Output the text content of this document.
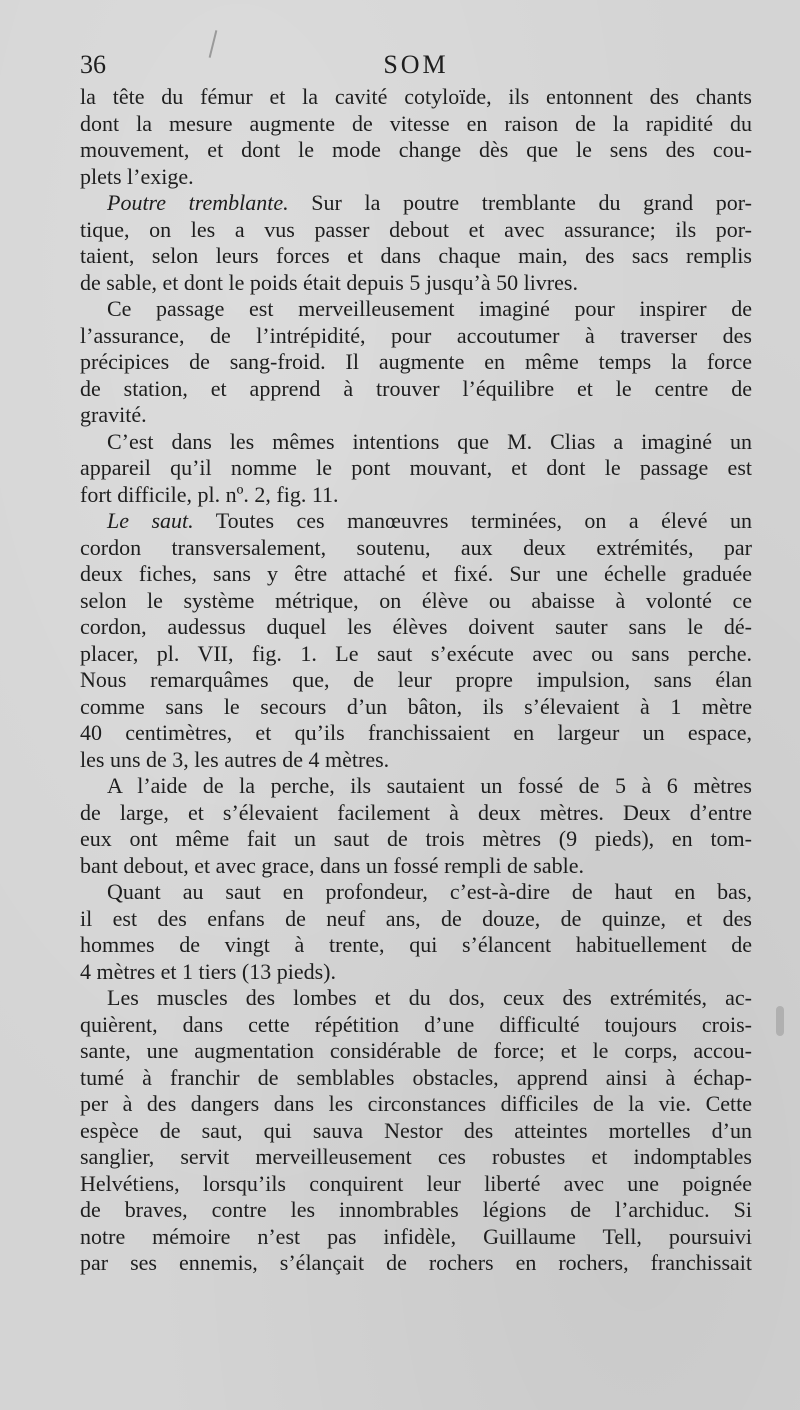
36	SOM
la tête du fémur et la cavité cotyloïde, ils entonnent des chants
dont la mesure augmente de vitesse en raison de la rapidité du
mouvement, et dont le mode change dès que le sens des cou-
plets l’exige.
Poutre tremblante. Sur la poutre tremblante du grand por-
tique, on les a vus passer debout et avec assurance; ils por-
taient, selon leurs forces et dans chaque main, des sacs remplis
de sable, et dont le poids était depuis 5 jusqu’à 50 livres.
Ce passage est merveilleusement imaginé pour inspirer de
l’assurance, de l’intrépidité, pour accoutumer à traverser des
précipices de sang-froid. Il augmente en même temps la force
de station, et apprend à trouver l’équilibre et le centre de
gravité.
C’est dans les mêmes intentions que M. Clias a imaginé un
appareil qu’il nomme le pont mouvant, et dont le passage est
fort difficile, pl. nº. 2, fig. 11.
Le saut. Toutes ces manœuvres terminées, on a élevé un
cordon transversalement, soutenu, aux deux extrémités, par
deux fiches, sans y être attaché et fixé. Sur une échelle graduée
selon le système métrique, on élève ou abaisse à volonté ce
cordon, audessus duquel les élèves doivent sauter sans le dé-
placer, pl. VII, fig. 1. Le saut s’exécute avec ou sans perche.
Nous remarquâmes que, de leur propre impulsion, sans élan
comme sans le secours d’un bâton, ils s’élevaient à 1 mètre
40 centimètres, et qu’ils franchissaient en largeur un espace,
les uns de 3, les autres de 4 mètres.
A l’aide de la perche, ils sautaient un fossé de 5 à 6 mètres
de large, et s’élevaient facilement à deux mètres. Deux d’entre
eux ont même fait un saut de trois mètres (9 pieds), en tom-
bant debout, et avec grace, dans un fossé rempli de sable.
Quant au saut en profondeur, c’est-à-dire de haut en bas,
il est des enfans de neuf ans, de douze, de quinze, et des
hommes de vingt à trente, qui s’élancent habituellement de
4 mètres et 1 tiers (13 pieds).
Les muscles des lombes et du dos, ceux des extrémités, ac-
quièrent, dans cette répétition d’une difficulté toujours crois-
sante, une augmentation considérable de force; et le corps, accou-
tumé à franchir de semblables obstacles, apprend ainsi à échap-
per à des dangers dans les circonstances difficiles de la vie. Cette
espèce de saut, qui sauva Nestor des atteintes mortelles d’un
sanglier, servit merveilleusement ces robustes et indomptables
Helvétiens, lorsqu’ils conquirent leur liberté avec une poignée
de braves, contre les innombrables légions de l’archiduc. Si
notre mémoire n’est pas infidèle, Guillaume Tell, poursuivi
par ses ennemis, s’élançait de rochers en rochers, franchissait
